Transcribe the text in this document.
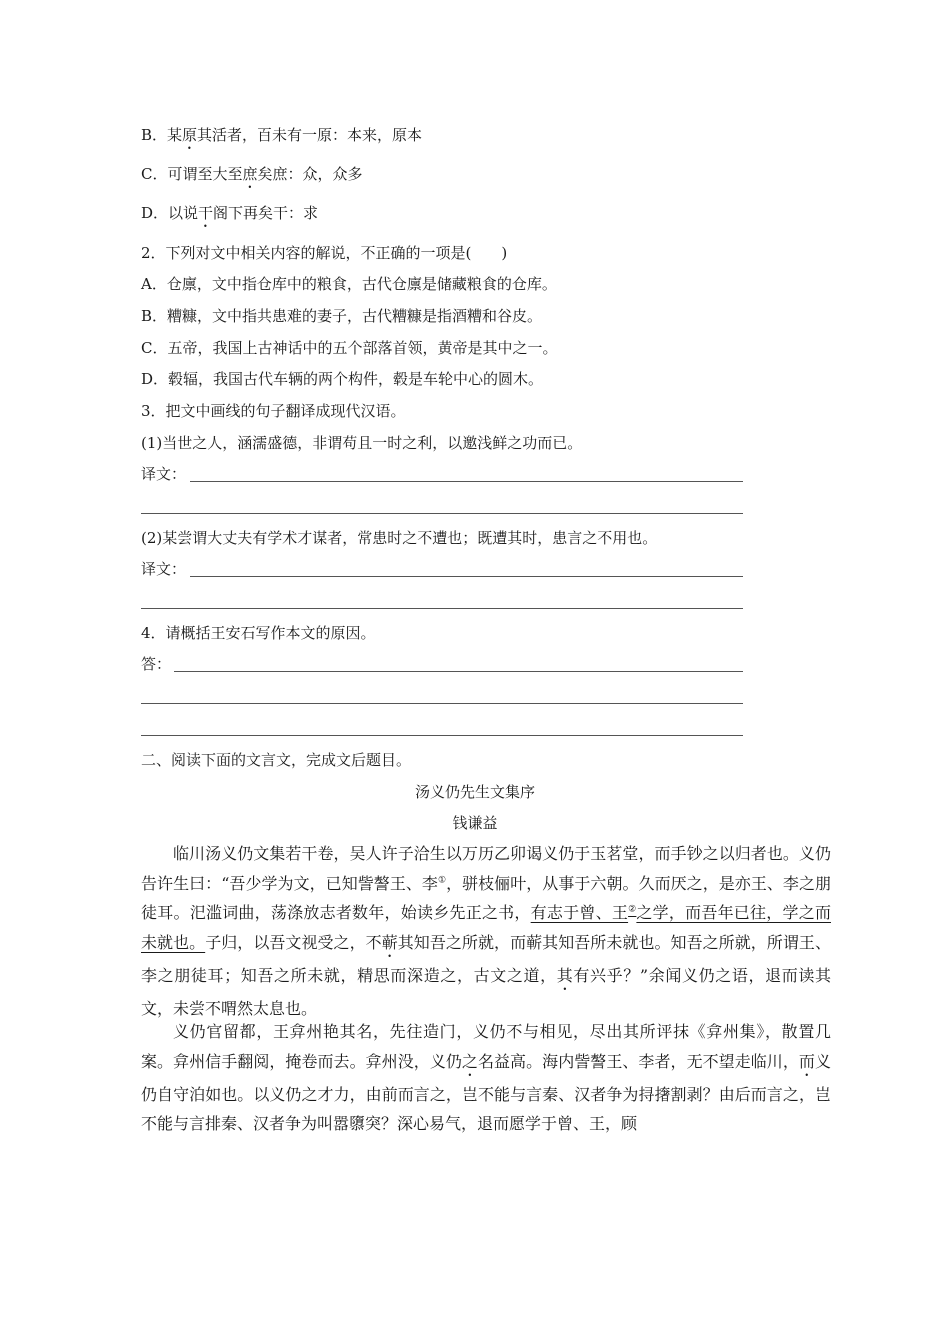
B．某原其活者，百未有一原：本来，原本
C．可谓至大至庶矣庶：众，众多
D．以说干阁下再矣干：求
2．下列对文中相关内容的解说，不正确的一项是(　　)
A．仓廪，文中指仓库中的粮食，古代仓廪是储藏粮食的仓库。
B．糟糠，文中指共患难的妻子，古代糟糠是指酒糟和谷皮。
C．五帝，我国上古神话中的五个部落首领，黄帝是其中之一。
D．毂辐，我国古代车辆的两个构件，毂是车轮中心的圆木。
3．把文中画线的句子翻译成现代汉语。
(1)当世之人，涵濡盛德，非谓苟且一时之利，以邀浅鲜之功而已。
译文：
(2)某尝谓大丈夫有学术才谋者，常患时之不遭也；既遭其时，患言之不用也。
译文：
4．请概括王安石写作本文的原因。
答：
二、阅读下面的文言文，完成文后题目。
汤义仍先生文集序
钱谦益
临川汤义仍文集若干卷，吴人许子洽生以万历乙卯谒义仍于玉茗堂，而手钞之以归者也。义仍告许生曰：“吾少学为文，已知訾謷王、李①，骈枝俪叶，从事于六朝。久而厌之，是亦王、李之朋徒耳。汜滥词曲，荡涤放志者数年，始读乡先正之书，有志于曾、王②之学，而吾年已往，学之而未就也。子归，以吾文视受之，不蕲其知吾之所就，而蕲其知吾所未就也。知吾之所就，所谓王、李之朋徒耳；知吾之所未就，精思而深造之，古文之道，其有兴乎？”余闻义仍之语，退而读其文，未尝不喟然太息也。
义仍官留都，王弇州艳其名，先往造门，义仍不与相见，尽出其所评抹《弇州集》，散置几案。弇州信手翻阅，掩卷而去。弇州没，义仍之名益高。海内訾謷王、李者，无不望走临川，而义仍自守泊如也。以义仍之才力，由前而言之，岂不能与言秦、汉者争为挦撦割剥？由后而言之，岂不能与言排秦、汉者争为叫嚣隳突？深心易气，退而愿学于曾、王，顾
